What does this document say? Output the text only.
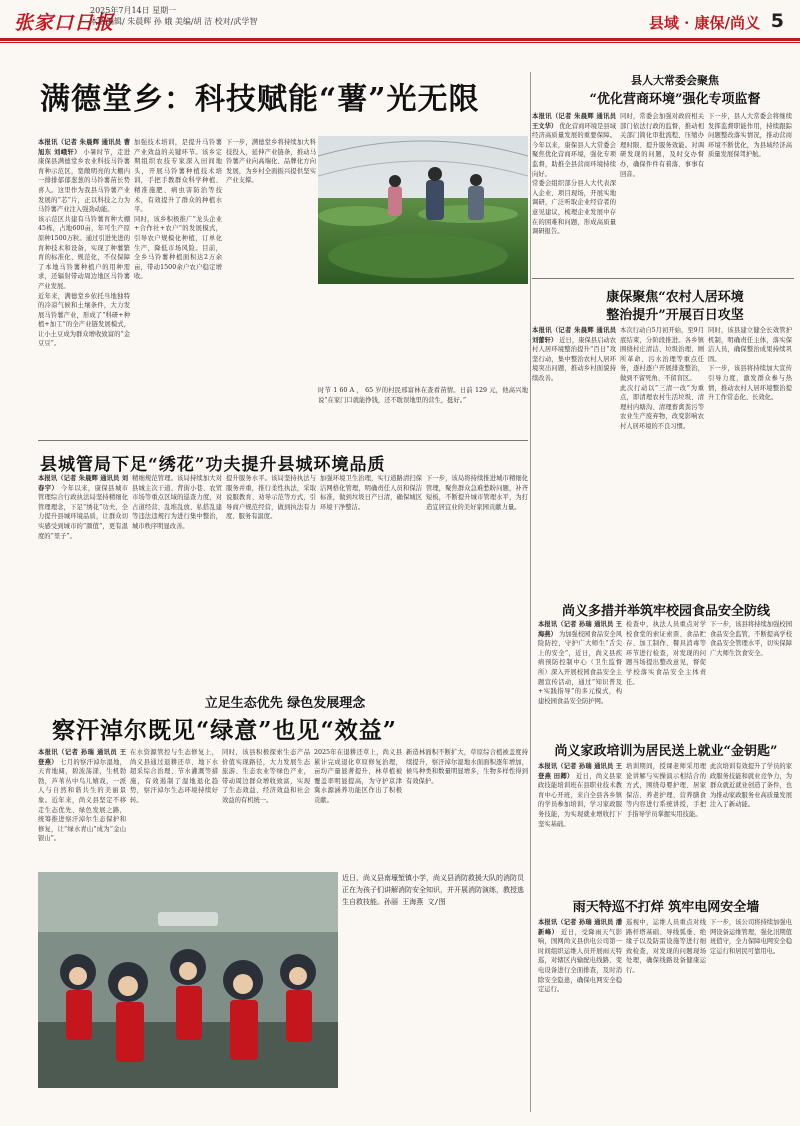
张家口日报
2025年7月14日 星期一
本版编辑/ 朱晨辉 孙 娥 美编/胡 洁 校对/武学智	县域 · 康保/尚义 5
满德堂乡：科技赋能“薯”光无限
本报讯（记者 朱晨辉 通讯员 曹旭东 刘峨轩） 小暑时节，走进康保县满德堂乡农业科技马铃薯育种示范区，宽敞明亮的大棚内一排排郁郁葱葱的马铃薯苗长势喜人。这里作为我县马铃薯产业发展的“芯”片，正以科技之力为马铃薯产业注入强劲动能。
该示范区共建有马铃薯育种大棚45栋，占地600亩，年可生产原原种1500万粒。通过引进先进的育种技术和设备，实现了种薯繁育的标准化、规范化，不仅保障了本地马铃薯种植户的用种需求，还辐射带动周边地区马铃薯产业发展。
近年来，满德堂乡依托当地独特的冷凉气候和土壤条件，大力发展马铃薯产业，形成了“科研+种植+加工”的全产业链发展模式，让小土豆成为群众增收致富的“金豆豆”。
加强技术培训，是提升马铃薯产业效益的关键环节。该乡定期组织农技专家深入田间地头，开展马铃薯种植技术培训，手把手教群众科学种植、精准施肥、病虫害防治等技术，有效提升了群众的种植水平。
同时，该乡积极推广“龙头企业+合作社+农户”的发展模式，引导农户规模化种植，订单化生产，降低市场风险。目前，全乡马铃薯种植面积达2万余亩，带动1500余户农户稳定增收。
下一步，满德堂乡将持续加大科技投入，延伸产业链条，推动马铃薯产业向高端化、品牌化方向发展，为乡村全面振兴提供坚实产业支撑。
时节 1 60 A ， 65 岁的村民邢富林在查看苗情。日前 129 元，他高兴地说“在家门口就能挣钱，还不耽误地里的营生，挺好。”
县人大常委会聚焦
“优化营商环境”强化专项监督
本报讯（记者 朱晨辉 通讯员 王文华） 优化营商环境是县域经济高质量发展的重要保障。今年以来，康保县人大常委会聚焦优化营商环境，强化专项监督，助推全县营商环境持续向好。
常委会组织部分县人大代表深入企业、项目现场，开展实地调研，广泛听取企业经营者的意见建议，梳理企业发展中存在的困难和问题，形成高质量调研报告。
同时，常委会加强对政府相关部门依法行政的监督，推动相关部门简化审批流程、压缩办理时限、提升服务效能。对调研发现的问题，及时交办督办，确保件件有着落、事事有回音。
下一步，县人大常委会将继续发挥监督职能作用，持续跟踪问题整改落实情况，推动营商环境不断优化，为县域经济高质量发展保驾护航。
康保聚焦“农村人居环境
整治提升”开展百日攻坚
本报讯（记者 朱晨辉 通讯员 刘蕾轩） 近日，康保县启动农村人居环境整治提升“百日”攻坚行动，集中整治农村人居环境突出问题，推动乡村面貌持续改善。
本次行动自5月初开始，至9月底结束，分阶段推进。各乡镇围绕村庄清洁、垃圾治理、厕所革命、污水治理等重点任务，逐村逐户开展排查整治，做到不留死角、不留盲区。
此次行动以“三清一改”为重点，即清理农村生活垃圾、清理村内塘沟、清理畜禽粪污等农业生产废弃物，改变影响农村人居环境的不良习惯。
同时，该县建立健全长效管护机制，明确责任主体，落实保洁人员，确保整治成果持续巩固。
下一步，该县将持续加大宣传引导力度，激发群众参与热情，推动农村人居环境整治提升工作常态化、长效化。
县城管局下足“绣花”功夫提升县城环境品质
本报讯（记者 朱晨辉 通讯员 刘春宇） 今年以来，康保县城市管理综合行政执法局坚持精细化管理理念，下足“绣花”功夫，全力提升县城环境品质，让群众切实感受到城市的“颜值”，更有温度的“里子”。
精细规范管理。该局持续加大对县城主次干道、背街小巷、农贸市场等重点区域的巡查力度，对占道经营、乱堆乱放、私搭乱建等违法违规行为进行集中整治，城市秩序明显改善。
提升服务水平。该局坚持执法与服务并重，推行柔性执法，采取说服教育、劝导示范等方式，引导商户规范经营，做到执法有力度、服务有温度。
加强环境卫生治理，实行道路清扫保洁网格化管理，明确责任人员和保洁标准，做到垃圾日产日清，确保城区环境干净整洁。
下一步，该局将持续推进城市精细化管理，聚焦群众急难愁盼问题，补齐短板，不断提升城市管理水平，为打造宜居宜业的美好家园贡献力量。
立足生态优先 绿色发展理念
察汗淖尔既见“绿意”也见“效益”
本报讯（记者 孙瑞 通讯员 王登燕） 七月的察汗淖尔湿地，天青地阔，碧波荡漾，生机勃勃，芦苇丛中鸟儿嬉戏，一派人与自然和谐共生的美丽景象。近年来，尚义县坚定不移走生态优先、绿色发展之路，统筹推进察汗淖尔生态保护和修复，让“绿水青山”成为“金山银山”。
在水资源管控与生态修复上，尚义县通过退耕还草、地下水超采综合治理、节水灌溉等措施，有效遏制了湿地退化趋势，察汗淖尔生态环境持续好转。
同时，该县积极探索生态产品价值实现路径，大力发展生态旅游、生态农业等绿色产业，带动周边群众增收致富，实现了生态效益、经济效益和社会效益的有机统一。
2025年在退耕还草上，尚义县累计完成退化草原修复治理，亩均产量显著提升，林草植被覆盖率明显提高，为守护京津冀水源涵养功能区作出了积极贡献。
新造林面积不断扩大，草原综合植被盖度持续提升，察汗淖尔湿地水面面积逐年增加，候鸟种类和数量明显增多，生物多样性得到有效保护。
近日，尚义县南壕堑镇小学，尚义县消防救援大队的消防员正在为孩子们讲解消防安全知识，并开展消防演练，教授逃生自救技能。孙丽 王海燕 文/图
尚义多措并举筑牢校园食品安全防线
本报讯（记者 孙瑞 通讯员 王海燕） 为加强校园食品安全风险防控，守护广大师生“舌尖上的安全”，近日，尚义县疾病预防控制中心（卫生监督所）深入开展校园食品安全主题宣传活动，通过“知识普及+实践指导”的多元模式，构建校园食品安全防护网。
检查中，执法人员重点对学校食堂的索证索票、食品贮存、加工制作、餐具消毒等环节进行检查，对发现的问题当场提出整改意见，督促学校落实食品安全主体责任。
下一步，该县将持续加强校园食品安全监管，不断提高学校食品安全管理水平，切实保障广大师生饮食安全。
尚义家政培训为居民送上就业“金钥匙”
本报讯（记者 孙瑞 通讯员 王登燕 田卿） 近日，尚义县家政技能培训班在县职业技术教育中心开班，来自全县各乡镇的学员参加培训，学习家政服务技能，为实现就业增收打下坚实基础。
培训期间，授课老师采用理论讲解与实操演示相结合的方式，围绕母婴护理、居家保洁、养老护理、营养膳食等内容进行系统讲授，手把手指导学员掌握实用技能。
此次培训有效提升了学员的家政服务技能和就业竞争力，为群众就近就业创造了条件，也为推动家政服务业高质量发展注入了新动能。
雨天特巡不打烊 筑牢电网安全墙
本报讯（记者 孙瑞 通讯员 潘新峰） 近日，受降雨天气影响，国网尚义县供电公司第一时间组织运维人员开展雨天特巡，对辖区内输配电线路、变电设备进行全面排查，及时消除安全隐患，确保电网安全稳定运行。
巡视中，运维人员重点对线路杆塔基础、导线弧垂、绝缘子以及防雷设施等进行细致检查，对发现的问题现场处理，确保线路设备健康运行。
下一步，该公司将持续加强电网设备运维管理，强化汛期值班值守，全力保障电网安全稳定运行和居民可靠用电。
